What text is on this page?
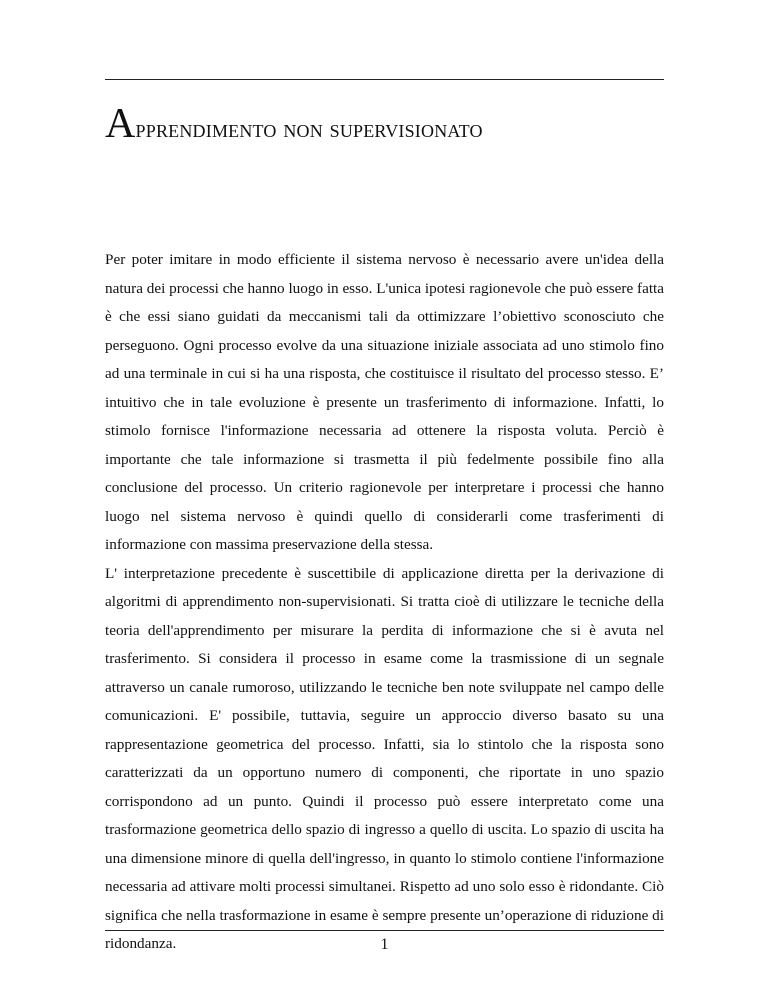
Apprendimento non supervisionato

Per poter imitare in modo efficiente il sistema nervoso è necessario avere un'idea della natura dei processi che hanno luogo in esso. L'unica ipotesi ragionevole che può essere fatta è che essi siano guidati da meccanismi tali da ottimizzare l’obiettivo sconosciuto che perseguono. Ogni processo evolve da una situazione iniziale associata ad uno stimolo fino ad una terminale in cui si ha una risposta, che costituisce il risultato del processo stesso. E’ intuitivo che in tale evoluzione è presente un trasferimento di informazione. Infatti, lo stimolo fornisce l'informazione necessaria ad ottenere la risposta voluta. Perciò è importante che tale informazione si trasmetta il più fedelmente possibile fino alla conclusione del processo. Un criterio ragionevole per interpretare i processi che hanno luogo nel sistema nervoso è quindi quello di considerarli come trasferimenti di informazione con massima preservazione della stessa.

L' interpretazione precedente è suscettibile di applicazione diretta per la derivazione di algoritmi di apprendimento non-supervisionati. Si tratta cioè di utilizzare le tecniche della teoria dell'apprendimento per misurare la perdita di informazione che si è avuta nel trasferimento. Si considera il processo in esame come la trasmissione di un segnale attraverso un canale rumoroso, utilizzando le tecniche ben note sviluppate nel campo delle comunicazioni. E' possibile, tuttavia, seguire un approccio diverso basato su una rappresentazione geometrica del processo. Infatti, sia lo stintolo che la risposta sono caratterizzati da un opportuno numero di componenti, che riportate in uno spazio corrispondono ad un punto. Quindi il processo può essere interpretato come una trasformazione geometrica dello spazio di ingresso a quello di uscita. Lo spazio di uscita ha una dimensione minore di quella dell'ingresso, in quanto lo stimolo contiene l'informazione necessaria ad attivare molti processi simultanei. Rispetto ad uno solo esso è ridondante. Ciò significa che nella trasformazione in esame è sempre presente un’operazione di riduzione di ridondanza.	1
